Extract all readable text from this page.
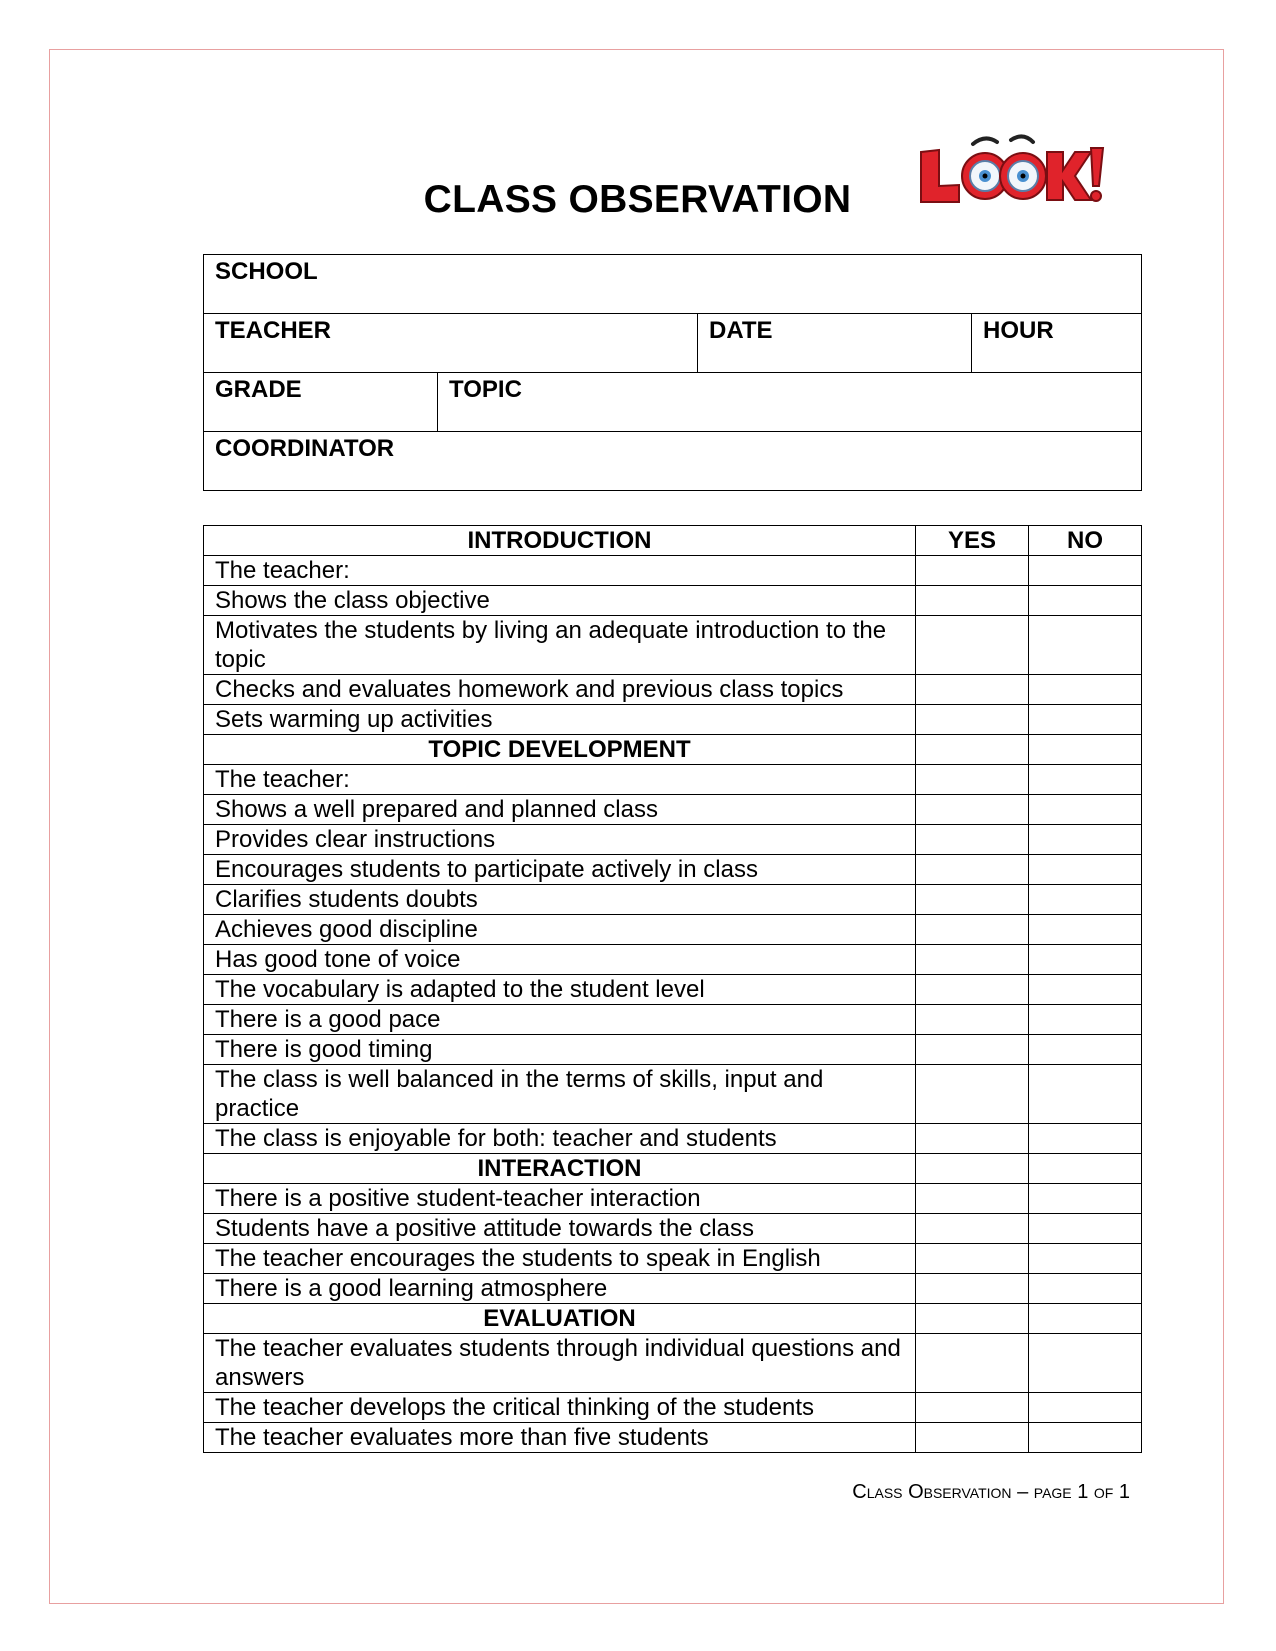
CLASS OBSERVATION
SCHOOL			
TEACHER		DATE	HOUR
GRADE	TOPIC		
COORDINATOR			
INTRODUCTION	YES	NO
The teacher:		
Shows the class objective		
Motivates the students by living an adequate introduction to the topic		
Checks and evaluates homework and previous class topics		
Sets warming up activities		
TOPIC DEVELOPMENT		
The teacher:		
Shows a well prepared and planned class		
Provides clear instructions		
Encourages students to participate actively in class		
Clarifies students doubts		
Achieves good discipline		
Has good tone of voice		
The vocabulary is adapted to the student level		
There is a good pace		
There is good timing		
The class is well balanced in the terms of skills, input and practice		
The class is enjoyable for both: teacher and students		
INTERACTION		
There is a positive student-teacher interaction		
Students have a positive attitude towards the class		
The teacher encourages the students to speak in English		
There is a good learning atmosphere		
EVALUATION		
The teacher evaluates students through individual questions and answers		
The teacher develops the critical thinking of the students		
The teacher evaluates more than five students		
Class Observation – page 1 of 1
